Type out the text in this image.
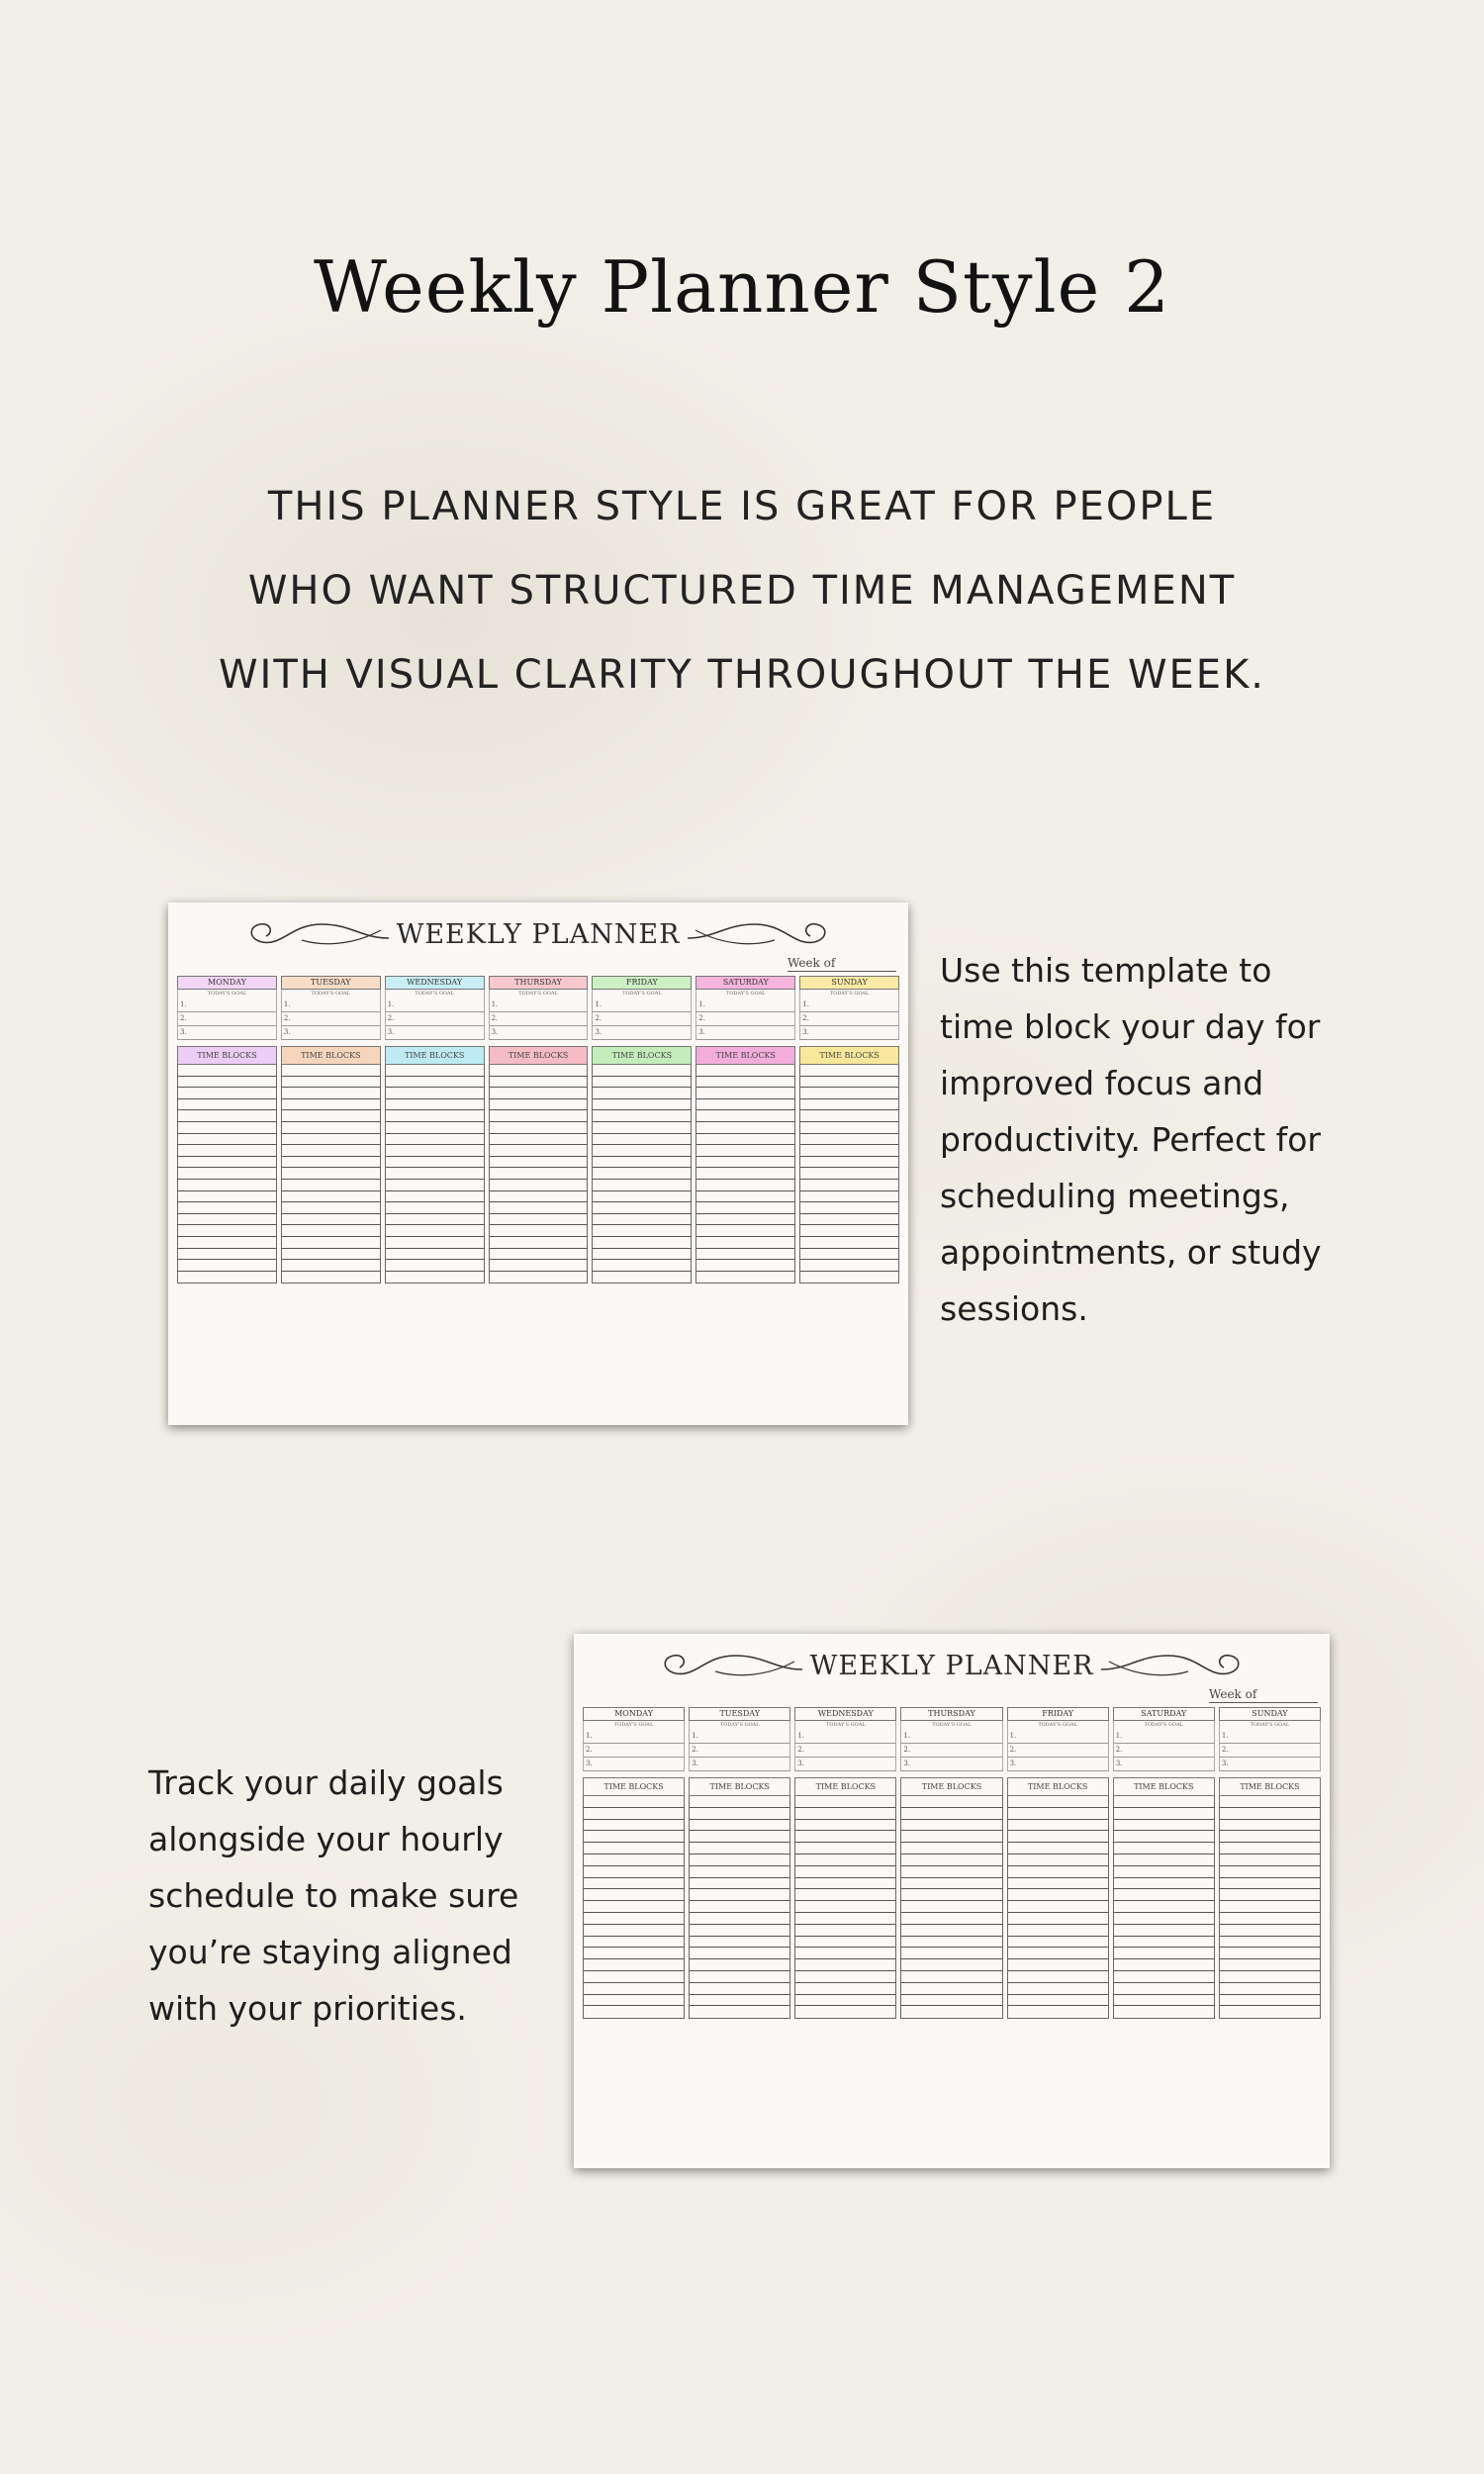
Weekly Planner Style 2
THIS PLANNER STYLE IS GREAT FOR PEOPLE
WHO WANT STRUCTURED TIME MANAGEMENT
WITH VISUAL CLARITY THROUGHOUT THE WEEK.
WEEKLY PLANNER
Week of
MONDAY
TODAY'S GOAL
1.
2.
3.
TIME BLOCKS
TUESDAY
TODAY'S GOAL
1.
2.
3.
TIME BLOCKS
WEDNESDAY
TODAY'S GOAL
1.
2.
3.
TIME BLOCKS
THURSDAY
TODAY'S GOAL
1.
2.
3.
TIME BLOCKS
FRIDAY
TODAY'S GOAL
1.
2.
3.
TIME BLOCKS
SATURDAY
TODAY'S GOAL
1.
2.
3.
TIME BLOCKS
SUNDAY
TODAY'S GOAL
1.
2.
3.
TIME BLOCKS

Use this template to time block your day for improved focus and productivity. Perfect for scheduling meetings, appointments, or study sessions.

WEEKLY PLANNER
Week of
MONDAY
TODAY'S GOAL
1.
2.
3.
TIME BLOCKS
TUESDAY
TODAY'S GOAL
1.
2.
3.
TIME BLOCKS
WEDNESDAY
TODAY'S GOAL
1.
2.
3.
TIME BLOCKS
THURSDAY
TODAY'S GOAL
1.
2.
3.
TIME BLOCKS
FRIDAY
TODAY'S GOAL
1.
2.
3.
TIME BLOCKS
SATURDAY
TODAY'S GOAL
1.
2.
3.
TIME BLOCKS
SUNDAY
TODAY'S GOAL
1.
2.
3.
TIME BLOCKS

Track your daily goals alongside your hourly schedule to make sure you’re staying aligned with your priorities.
